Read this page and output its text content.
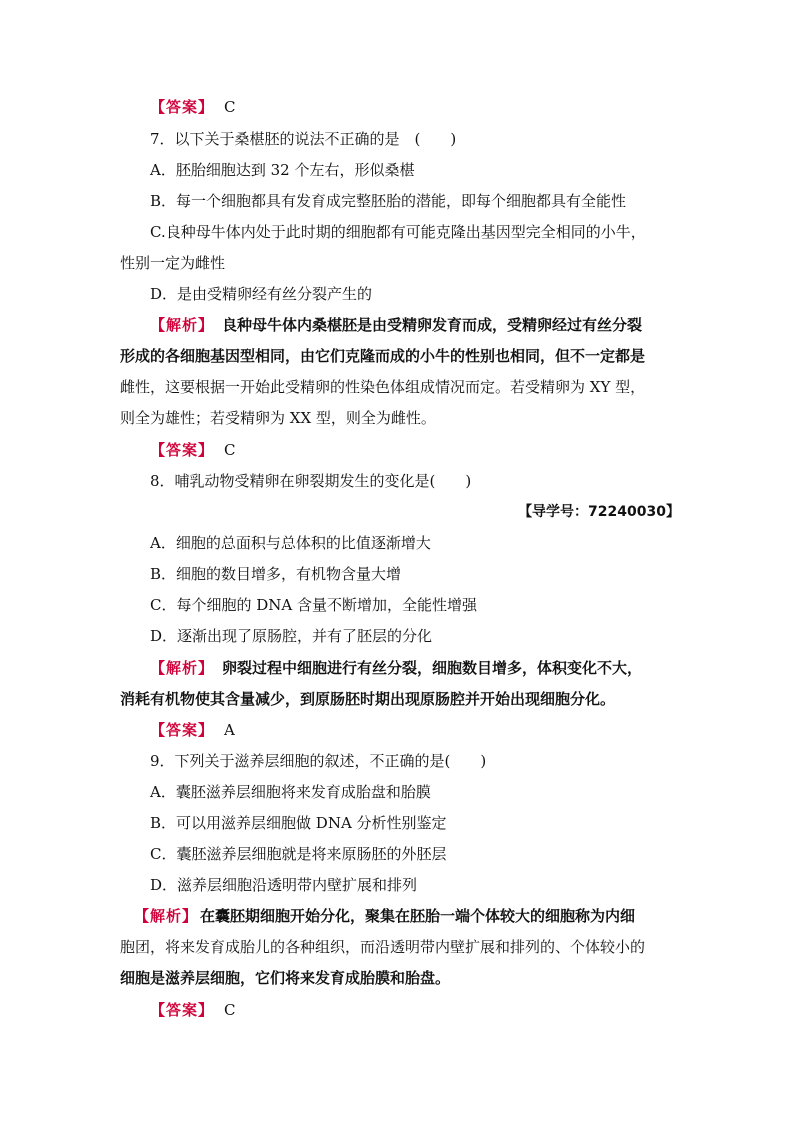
【答案】 C
7．以下关于桑椹胚的说法不正确的是　(　　)
A．胚胎细胞达到 32 个左右，形似桑椹
B．每一个细胞都具有发育成完整胚胎的潜能，即每个细胞都具有全能性
C.良种母牛体内处于此时期的细胞都有可能克隆出基因型完全相同的小牛，
性别一定为雌性
D．是由受精卵经有丝分裂产生的
【解析】 良种母牛体内桑椹胚是由受精卵发育而成，受精卵经过有丝分裂
形成的各细胞基因型相同，由它们克隆而成的小牛的性别也相同，但不一定都是
雌性，这要根据一开始此受精卵的性染色体组成情况而定。若受精卵为 XY 型，
则全为雄性；若受精卵为 XX 型，则全为雌性。
【答案】 C
8．哺乳动物受精卵在卵裂期发生的变化是(　　)
【导学号：72240030】
A．细胞的总面积与总体积的比值逐渐增大
B．细胞的数目增多，有机物含量大增
C．每个细胞的 DNA 含量不断增加，全能性增强
D．逐渐出现了原肠腔，并有了胚层的分化
【解析】 卵裂过程中细胞进行有丝分裂，细胞数目增多，体积变化不大，
消耗有机物使其含量减少，到原肠胚时期出现原肠腔并开始出现细胞分化。
【答案】 A
9．下列关于滋养层细胞的叙述，不正确的是(　　)
A．囊胚滋养层细胞将来发育成胎盘和胎膜
B．可以用滋养层细胞做 DNA 分析性别鉴定
C．囊胚滋养层细胞就是将来原肠胚的外胚层
D．滋养层细胞沿透明带内壁扩展和排列
【解析】 在囊胚期细胞开始分化，聚集在胚胎一端个体较大的细胞称为内细
胞团，将来发育成胎儿的各种组织，而沿透明带内壁扩展和排列的、个体较小的
细胞是滋养层细胞，它们将来发育成胎膜和胎盘。
【答案】 C
